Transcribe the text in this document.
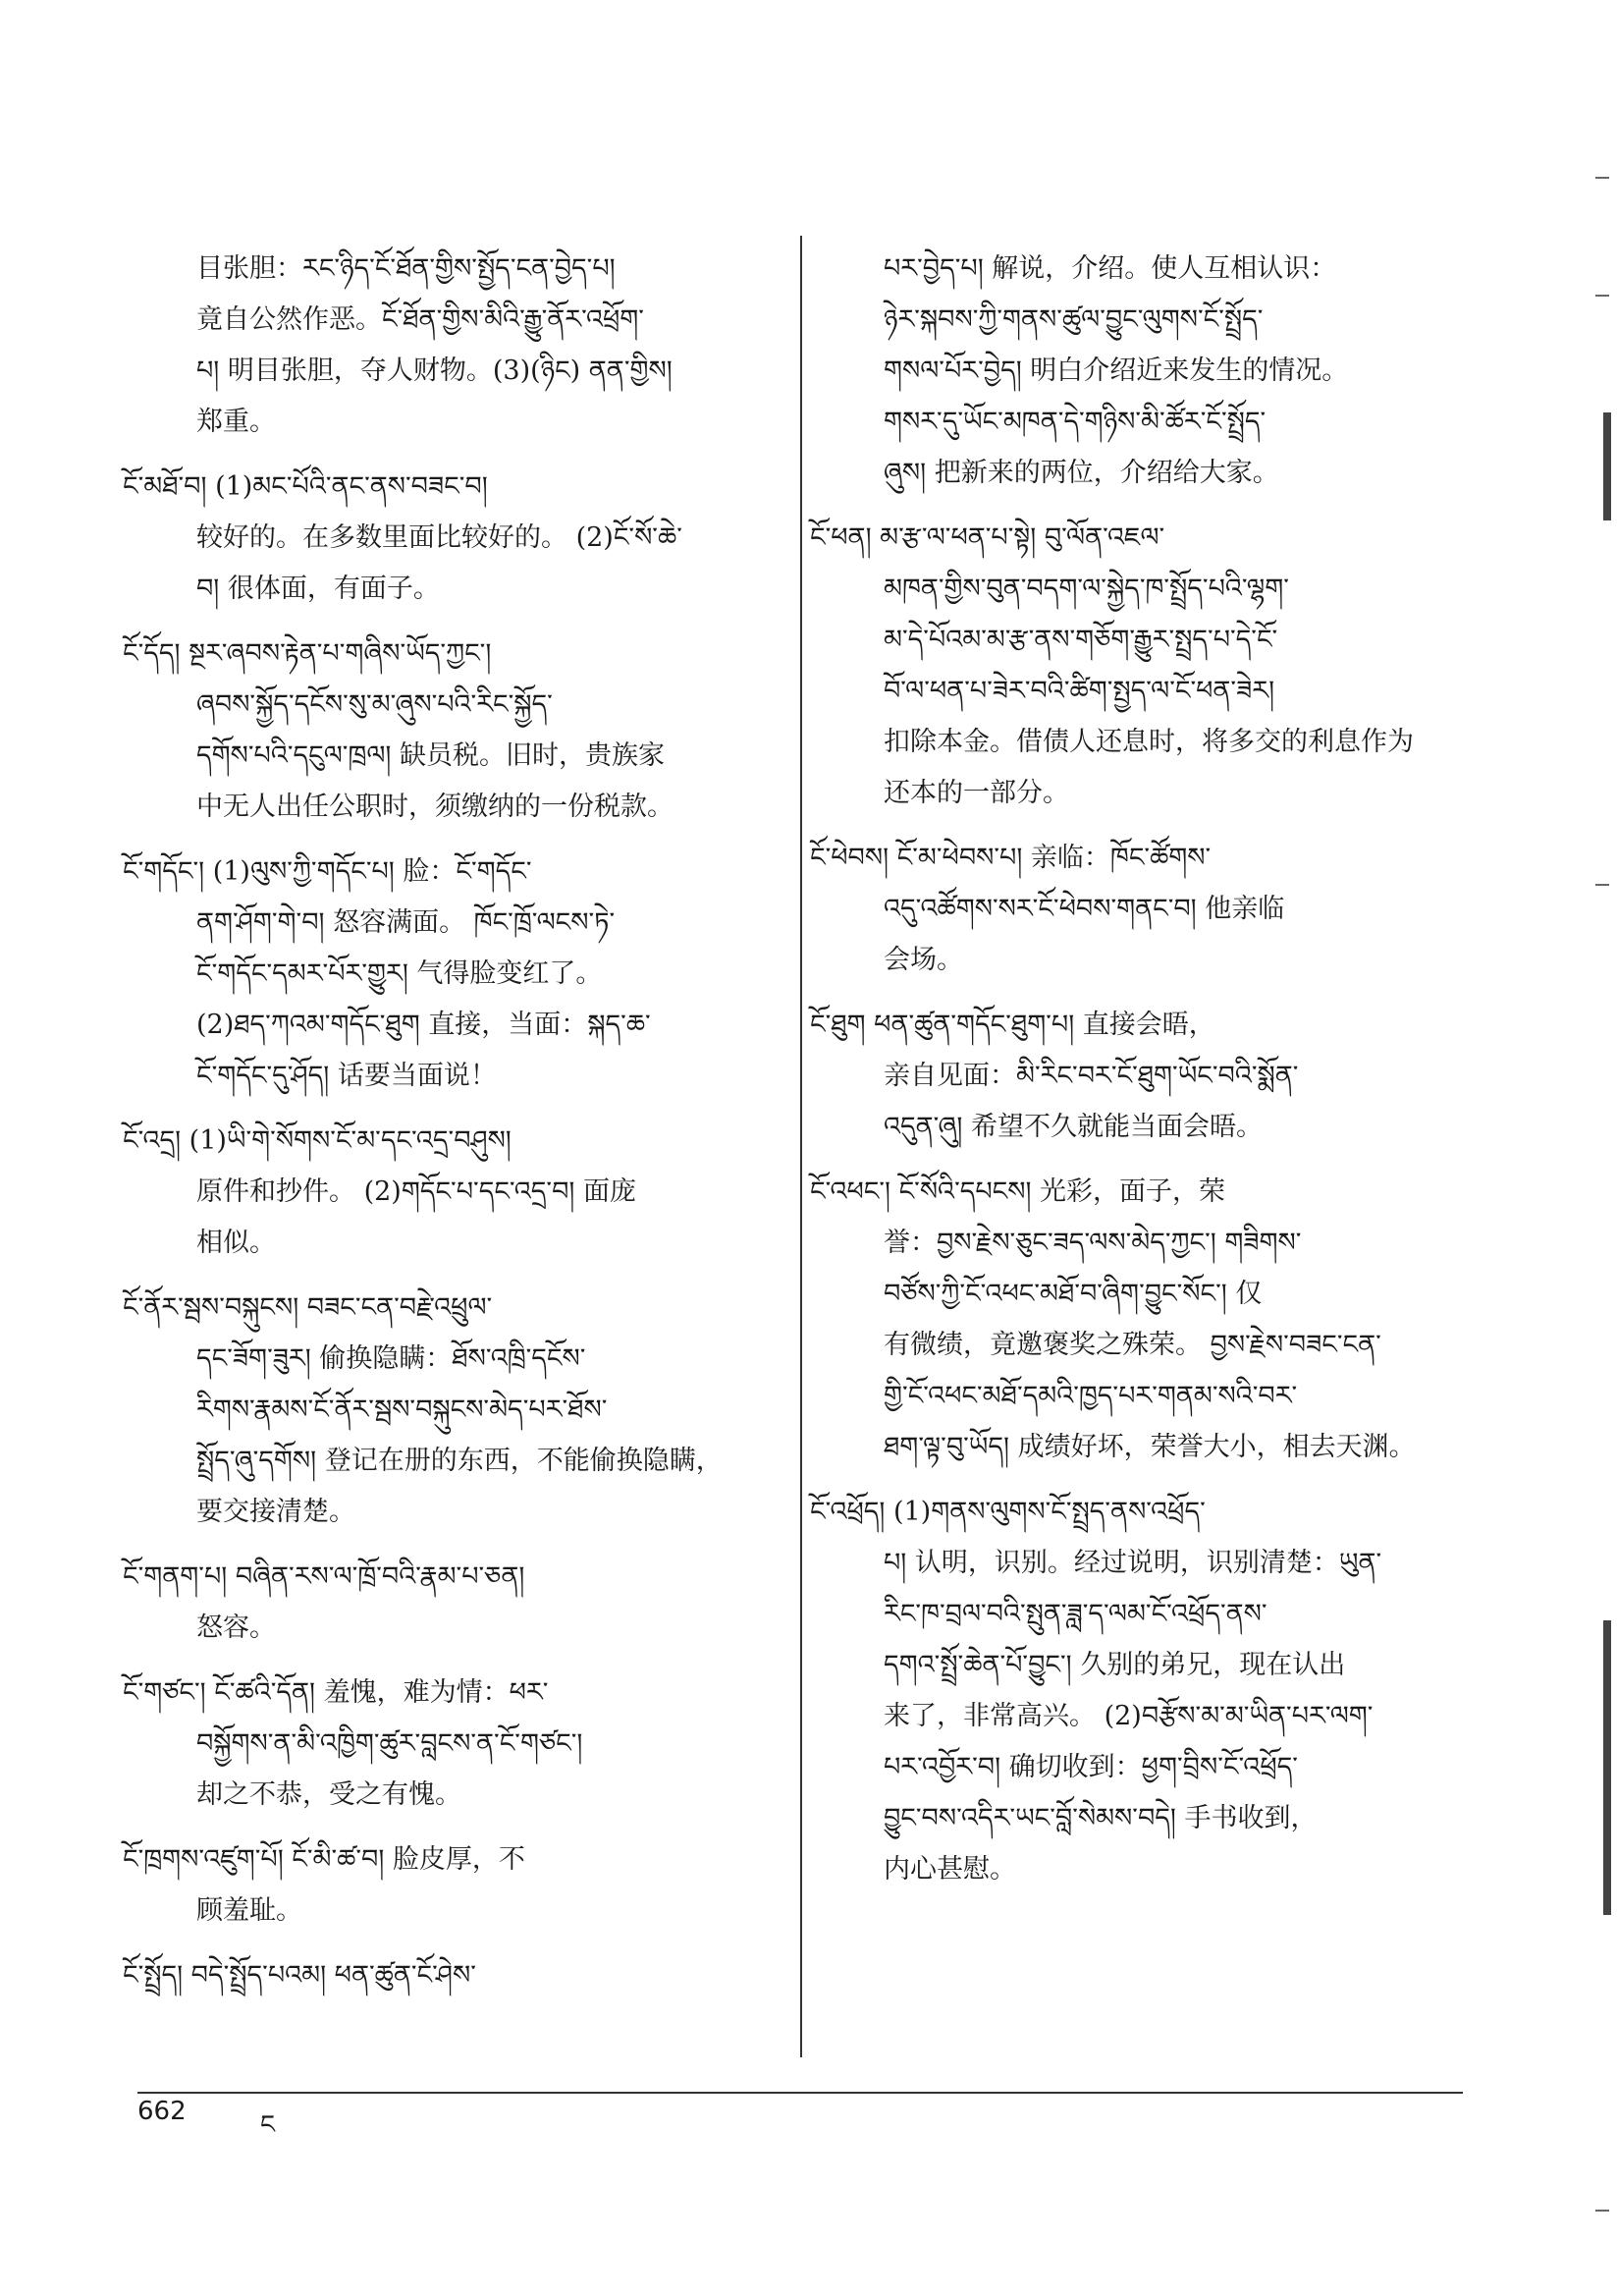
目张胆：རང་ཉིད་ངོ་ཐོན་གྱིས་སྤྱོད་ངན་བྱེད་པ།
竟自公然作恶。ངོ་ཐོན་གྱིས་མིའི་རྒྱུ་ནོར་འཕྲོག་
པ། 明目张胆，夺人财物。(3)(ཉིང) ནན་གྱིས།
郑重。
ངོ་མཐོ་བ། (1)མང་པོའི་ནང་ནས་བཟང་བ།
较好的。在多数里面比较好的。 (2)ངོ་སོ་ཆེ་
བ། 很体面，有面子。
ངོ་དོད། སྔར་ཞབས་རྟེན་པ་གཞིས་ཡོད་ཀྱང་།
ཞབས་སྐྱོད་དངོས་སུ་མ་ཞུས་པའི་རིང་སྐྱོད་
དགོས་པའི་དངུལ་ཁྲལ། 缺员税。旧时，贵族家
中无人出任公职时，须缴纳的一份税款。
ངོ་གདོང་། (1)ལུས་ཀྱི་གདོང་པ། 脸：ངོ་གདོང་
ནག་ཤོག་གེ་བ། 怒容满面。 ཁོང་ཁྲོ་ལངས་ཏེ་
ངོ་གདོང་དམར་པོར་གྱུར། 气得脸变红了。
(2)ཐད་ཀའམ་གདོང་ཐུག 直接，当面：སྐད་ཆ་
ངོ་གདོང་དུ་ཤོད། 话要当面说！
ངོ་འདྲ། (1)ཡི་གེ་སོགས་ངོ་མ་དང་འདྲ་བཤུས།
原件和抄件。 (2)གདོང་པ་དང་འདྲ་བ། 面庞
相似。
ངོ་ནོར་སྦས་བསྐུངས། བཟང་ངན་བརྗེ་འཕྲུལ་
དང་ཟོག་ཟུར། 偷换隐瞒：ཐོས་འཁྲི་དངོས་
རིགས་རྣམས་ངོ་ནོར་སྦས་བསྐུངས་མེད་པར་ཐོས་
སྤྲོད་ཞུ་དགོས། 登记在册的东西，不能偷换隐瞒，
要交接清楚。
ངོ་གནག་པ། བཞིན་རས་ལ་ཁྲོ་བའི་རྣམ་པ་ཅན།
怒容。
ངོ་གཙང་། ངོ་ཚའི་དོན། 羞愧，难为情：ཕར་
བསྐྱོགས་ན་མི་འཁྱིག་ཚུར་བླངས་ན་ངོ་གཙང་།
却之不恭，受之有愧。
ངོ་ཁྲགས་འཛུག་པོ། ངོ་མི་ཚ་བ། 脸皮厚，不
顾羞耻。
ངོ་སྤྲོད། བདེ་སྤྲོད་པའམ། ཕན་ཚུན་ངོ་ཤེས་
པར་བྱེད་པ། 解说，介绍。使人互相认识：
ཉེར་སྐབས་ཀྱི་གནས་ཚུལ་བྱུང་ལུགས་ངོ་སྤྲོད་
གསལ་པོར་བྱེད། 明白介绍近来发生的情况。
གསར་དུ་ཡོང་མཁན་དེ་གཉིས་མི་ཚོར་ངོ་སྤྲོད་
ཞུས། 把新来的两位，介绍给大家。
ངོ་ཕན། མ་རྩ་ལ་ཕན་པ་སྟེ། བུ་ལོན་འཇལ་
མཁན་གྱིས་བུན་བདག་ལ་སྐྱེད་ཁ་སྤྲོད་པའི་ལྷག་
མ་དེ་པོའམ་མ་རྩ་ནས་གཅོག་རྒྱུར་སྤྲད་པ་དེ་ངོ་
བོ་ལ་ཕན་པ་ཟེར་བའི་ཚིག་སྤྱད་ལ་ངོ་ཕན་ཟེར།
扣除本金。借债人还息时，将多交的利息作为
还本的一部分。
ངོ་ཕེབས། ངོ་མ་ཕེབས་པ། 亲临：ཁོང་ཚོགས་
འདུ་འཚོགས་སར་ངོ་ཕེབས་གནང་བ། 他亲临
会场。
ངོ་ཐུག ཕན་ཚུན་གདོང་ཐུག་པ། 直接会晤，
亲自见面：མི་རིང་བར་ངོ་ཐུག་ཡོང་བའི་སྨོན་
འདུན་ཞུ། 希望不久就能当面会晤。
ངོ་འཕང་། ངོ་སོའི་དཔངས། 光彩，面子，荣
誉：བྱས་རྗེས་ཅུང་ཟད་ལས་མེད་ཀྱང་། གཟིགས་
བཙོས་ཀྱི་ངོ་འཕང་མཐོ་བ་ཞིག་བྱུང་སོང་། 仅
有微绩，竟邀褒奖之殊荣。 བྱས་རྗེས་བཟང་ངན་
གྱི་ངོ་འཕང་མཐོ་དམའི་ཁྱད་པར་གནམ་སའི་བར་
ཐག་ལྟ་བུ་ཡོད། 成绩好坏，荣誉大小，相去天渊。
ངོ་འཕྲོད། (1)གནས་ལུགས་ངོ་སྤྲད་ནས་འཕྲོད་
པ། 认明，识别。经过说明，识别清楚：ཡུན་
རིང་ཁ་བྲལ་བའི་སྤུན་ཟླ་ད་ལམ་ངོ་འཕྲོད་ནས་
དགའ་སྤྲོ་ཆེན་པོ་བྱུང་། 久别的弟兄，现在认出
来了，非常高兴。 (2)བརྩོས་མ་མ་ཡིན་པར་ལག་
པར་འབྱོར་བ། 确切收到：ཕྱག་བྲིས་ངོ་འཕྲོད་
བྱུང་བས་འདིར་ཡང་བློ་སེམས་བདེ། 手书收到，
内心甚慰。
662	ང
